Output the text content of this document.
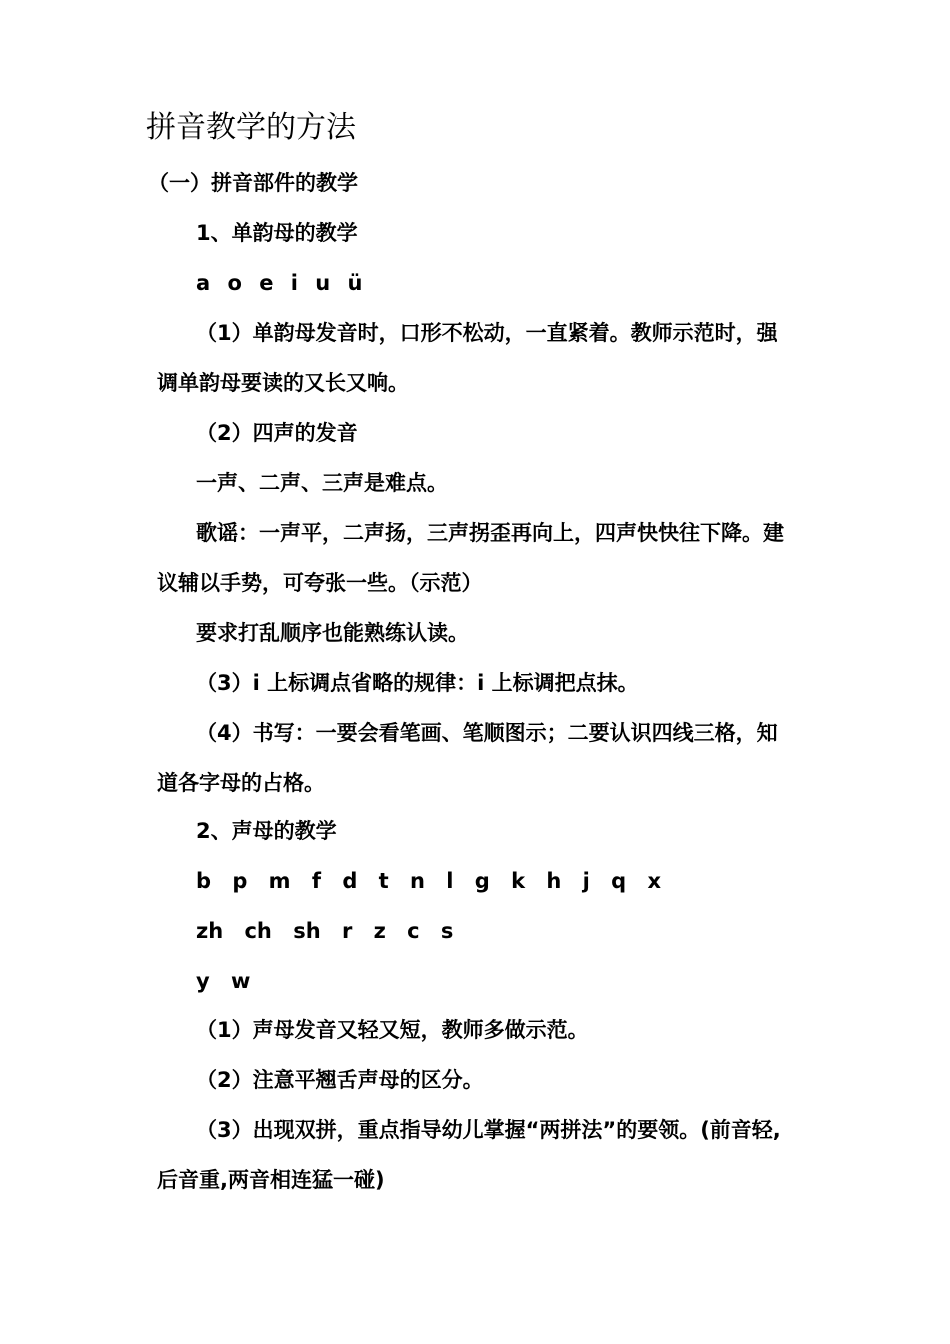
拼音教学的方法

（一）拼音部件的教学

1、单韵母的教学

a o e i u ü

（1）单韵母发音时，口形不松动，一直紧着。教师示范时，强

调单韵母要读的又长又响。

（2）四声的发音

一声、二声、三声是难点。

歌谣：一声平，二声扬，三声拐歪再向上，四声快快往下降。建

议辅以手势，可夸张一些。（示范）

要求打乱顺序也能熟练认读。

（3）i 上标调点省略的规律：i 上标调把点抹。

（4）书写：一要会看笔画、笔顺图示；二要认识四线三格，知

道各字母的占格。

2、声母的教学

b p m f d t n l g k h j q x

zh ch sh r z c s

y w

（1）声母发音又轻又短，教师多做示范。

（2）注意平翘舌声母的区分。

（3）出现双拼，重点指导幼儿掌握“两拼法”的要领。(前音轻,

后音重,两音相连猛一碰)
